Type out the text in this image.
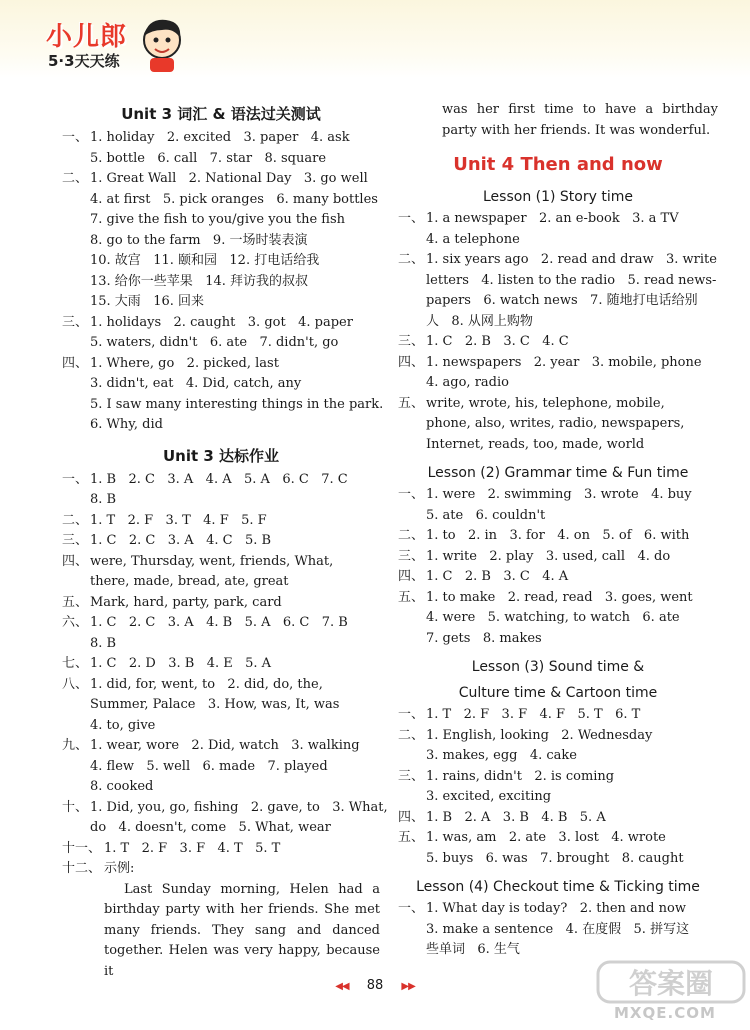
小儿郎
5·3天天练
Unit 3 词汇 & 语法过关测试
一、 1. holiday   2. excited   3. paper   4. ask
5. bottle   6. call   7. star   8. square
二、 1. Great Wall   2. National Day   3. go well
4. at first   5. pick oranges   6. many bottles
7. give the fish to you/give you the fish
8. go to the farm   9. 一场时装表演
10. 故宫   11. 颐和园   12. 打电话给我
13. 给你一些苹果   14. 拜访我的叔叔
15. 大雨   16. 回来
三、 1. holidays   2. caught   3. got   4. paper
5. waters, didn't   6. ate   7. didn't, go
四、 1. Where, go   2. picked, last
3. didn't, eat   4. Did, catch, any
5. I saw many interesting things in the park.
6. Why, did
Unit 3 达标作业
一、 1. B   2. C   3. A   4. A   5. A   6. C   7. C
8. B
二、 1. T   2. F   3. T   4. F   5. F
三、 1. C   2. C   3. A   4. C   5. B
四、 were, Thursday, went, friends, What,
there, made, bread, ate, great
五、 Mark, hard, party, park, card
六、 1. C   2. C   3. A   4. B   5. A   6. C   7. B
8. B
七、 1. C   2. D   3. B   4. E   5. A
八、 1. did, for, went, to   2. did, do, the,
Summer, Palace   3. How, was, It, was
4. to, give
九、 1. wear, wore   2. Did, watch   3. walking
4. flew   5. well   6. made   7. played
8. cooked
十、 1. Did, you, go, fishing   2. gave, to   3. What,
do   4. doesn't, come   5. What, wear
十一、 1. T   2. F   3. F   4. T   5. T
十二、 示例:
Last Sunday morning, Helen had a birthday party with her friends. She met many friends. They sang and danced together. Helen was very happy, because it
was her first time to have a birthday party with her friends. It was wonderful.
Unit 4 Then and now
Lesson (1) Story time
一、 1. a newspaper   2. an e-book   3. a TV
4. a telephone
二、 1. six years ago   2. read and draw   3. write
letters   4. listen to the radio   5. read news-
papers   6. watch news   7. 随地打电话给别
人   8. 从网上购物
三、 1. C   2. B   3. C   4. C
四、 1. newspapers   2. year   3. mobile, phone
4. ago, radio
五、 write, wrote, his, telephone, mobile,
phone, also, writes, radio, newspapers,
Internet, reads, too, made, world
Lesson (2) Grammar time & Fun time
一、 1. were   2. swimming   3. wrote   4. buy
5. ate   6. couldn't
二、 1. to   2. in   3. for   4. on   5. of   6. with
三、 1. write   2. play   3. used, call   4. do
四、 1. C   2. B   3. C   4. A
五、 1. to make   2. read, read   3. goes, went
4. were   5. watching, to watch   6. ate
7. gets   8. makes
Lesson (3) Sound time &
Culture time & Cartoon time
一、 1. T   2. F   3. F   4. F   5. T   6. T
二、 1. English, looking   2. Wednesday
3. makes, egg   4. cake
三、 1. rains, didn't   2. is coming
3. excited, exciting
四、 1. B   2. A   3. B   4. B   5. A
五、 1. was, am   2. ate   3. lost   4. wrote
5. buys   6. was   7. brought   8. caught
Lesson (4) Checkout time & Ticking time
一、 1. What day is today?   2. then and now
3. make a sentence   4. 在度假   5. 拼写这
些单词   6. 生气
◀◀ 88 ▶▶	答案圈
MXQE.COM
